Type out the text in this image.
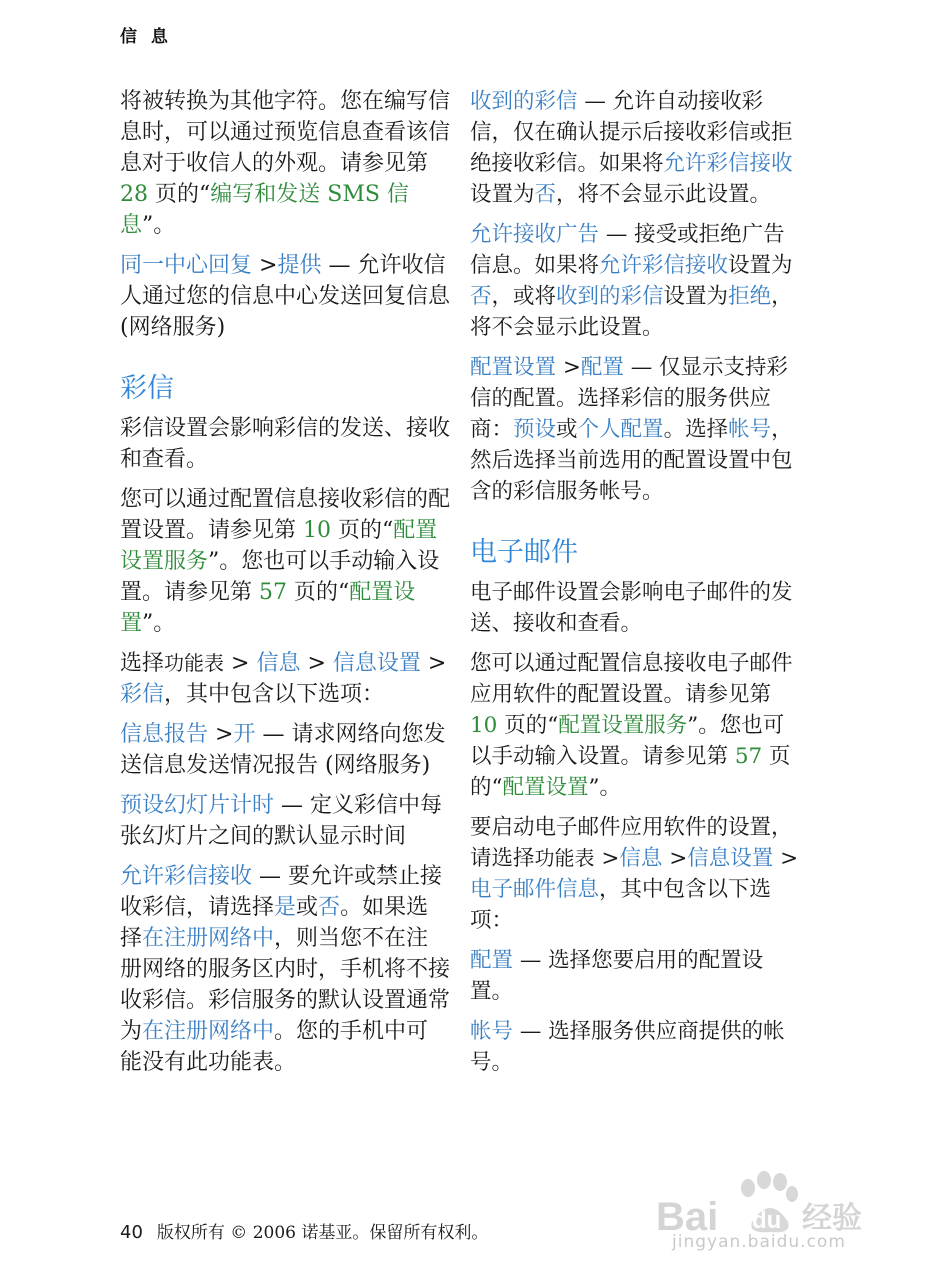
信 息

将被转换为其他字符。您在编写信息时，可以通过预览信息查看该信息对于收信人的外观。请参见第 28 页的“编写和发送 SMS 信息”。

同一中心回复 >提供 — 允许收信人通过您的信息中心发送回复信息 (网络服务)

彩信

彩信设置会影响彩信的发送、接收和查看。

您可以通过配置信息接收彩信的配置设置。请参见第 10 页的“配置设置服务”。您也可以手动输入设置。请参见第 57 页的“配置设置”。

选择功能表 > 信息 > 信息设置 >彩信，其中包含以下选项：

信息报告 >开 — 请求网络向您发送信息发送情况报告 (网络服务)

预设幻灯片计时 — 定义彩信中每张幻灯片之间的默认显示时间

允许彩信接收 — 要允许或禁止接收彩信，请选择是或否。如果选择在注册网络中，则当您不在注册网络的服务区内时，手机将不接收彩信。彩信服务的默认设置通常为在注册网络中。您的手机中可能没有此功能表。

收到的彩信 — 允许自动接收彩信，仅在确认提示后接收彩信或拒绝接收彩信。如果将允许彩信接收设置为否，将不会显示此设置。

允许接收广告 — 接受或拒绝广告信息。如果将允许彩信接收设置为否，或将收到的彩信设置为拒绝，将不会显示此设置。

配置设置 >配置 — 仅显示支持彩信的配置。选择彩信的服务供应商：预设或个人配置。选择帐号，然后选择当前选用的配置设置中包含的彩信服务帐号。

电子邮件

电子邮件设置会影响电子邮件的发送、接收和查看。

您可以通过配置信息接收电子邮件应用软件的配置设置。请参见第 10 页的“配置设置服务”。您也可以手动输入设置。请参见第 57 页的“配置设置”。

要启动电子邮件应用软件的设置，请选择功能表 >信息 >信息设置 >电子邮件信息，其中包含以下选项：

配置 — 选择您要启用的配置设置。

帐号 — 选择服务供应商提供的帐号。

40 版权所有 © 2006 诺基亚。保留所有权利。	Bai du 经验
jingyan.baidu.com
